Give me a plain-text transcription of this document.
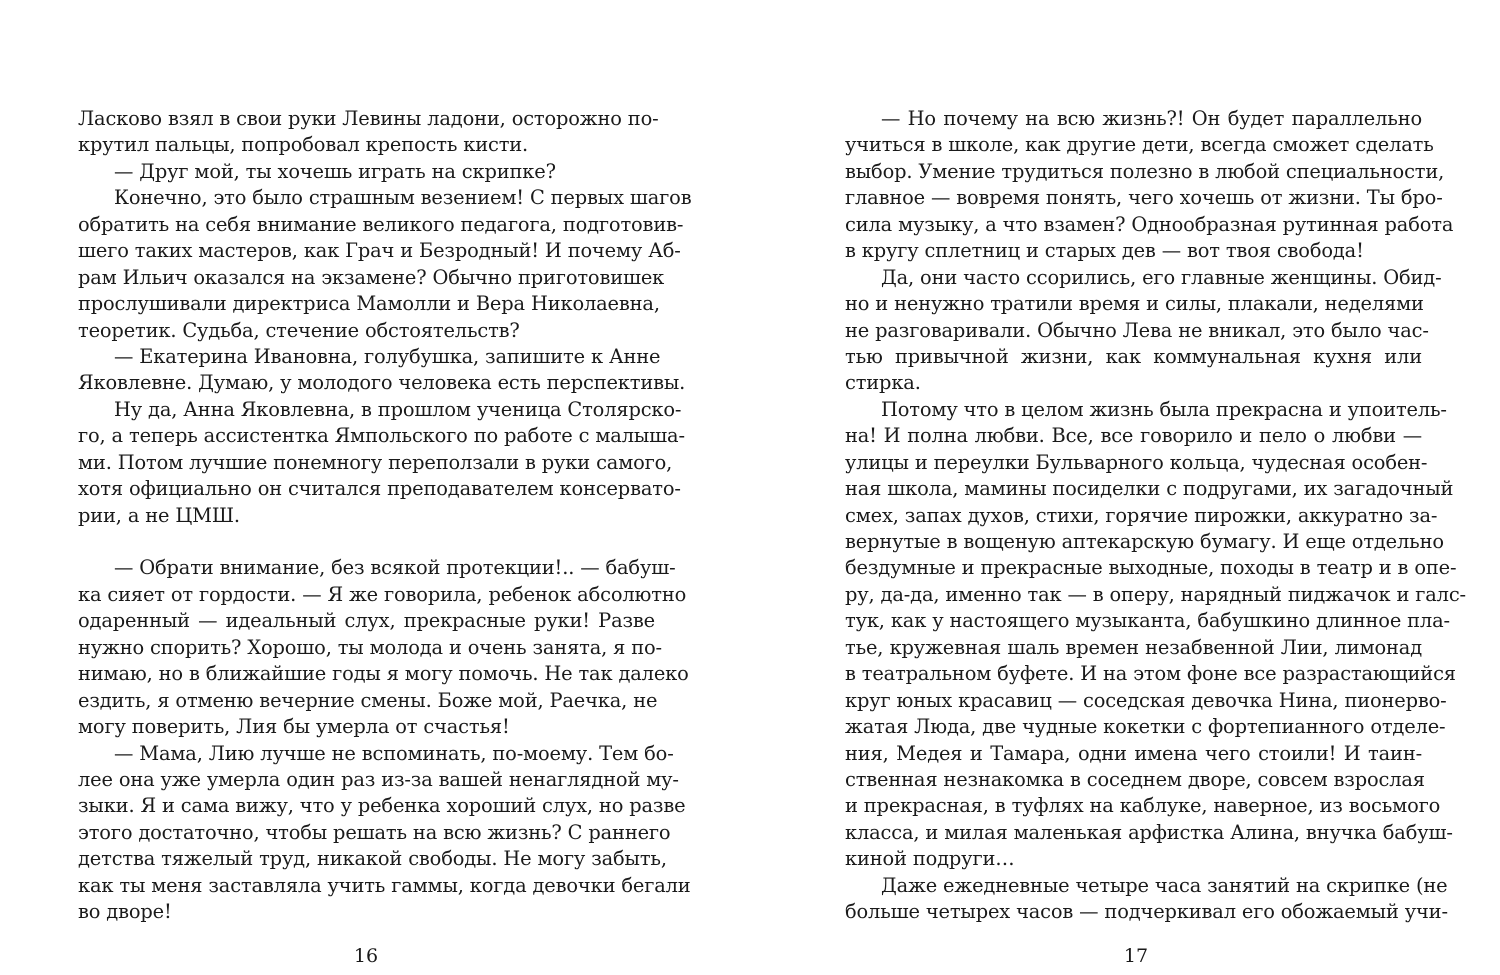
Ласково взял в свои руки Левины ладони, осторожно по-
крутил пальцы, попробовал крепость кисти.
— Друг мой, ты хочешь играть на скрипке?
Конечно, это было страшным везением! С первых шагов
обратить на себя внимание великого педагога, подготовив-
шего таких мастеров, как Грач и Безродный! И почему Аб-
рам Ильич оказался на экзамене? Обычно приготовишек
прослушивали директриса Мамолли и Вера Николаевна,
теоретик. Судьба, стечение обстоятельств?
— Екатерина Ивановна, голубушка, запишите к Анне
Яковлевне. Думаю, у молодого человека есть перспективы.
Ну да, Анна Яковлевна, в прошлом ученица Столярско-
го, а теперь ассистентка Ямпольского по работе с малыша-
ми. Потом лучшие понемногу переползали в руки самого,
хотя официально он считался преподавателем консервато-
рии, а не ЦМШ.
— Обрати внимание, без всякой протекции!.. — бабуш-
ка сияет от гордости. — Я же говорила, ребенок абсолютно
одаренный — идеальный слух, прекрасные руки! Разве
нужно спорить? Хорошо, ты молода и очень занята, я по-
нимаю, но в ближайшие годы я могу помочь. Не так далеко
ездить, я отменю вечерние смены. Боже мой, Раечка, не
могу поверить, Лия бы умерла от счастья!
— Мама, Лию лучше не вспоминать, по-моему. Тем бо-
лее она уже умерла один раз из-за вашей ненаглядной му-
зыки. Я и сама вижу, что у ребенка хороший слух, но разве
этого достаточно, чтобы решать на всю жизнь? С раннего
детства тяжелый труд, никакой свободы. Не могу забыть,
как ты меня заставляла учить гаммы, когда девочки бегали
во дворе!
— Но почему на всю жизнь?! Он будет параллельно
учиться в школе, как другие дети, всегда сможет сделать
выбор. Умение трудиться полезно в любой специальности,
главное — вовремя понять, чего хочешь от жизни. Ты бро-
сила музыку, а что взамен? Однообразная рутинная работа
в кругу сплетниц и старых дев — вот твоя свобода!
Да, они часто ссорились, его главные женщины. Обид-
но и ненужно тратили время и силы, плакали, неделями
не разговаривали. Обычно Лева не вникал, это было час-
тью привычной жизни, как коммунальная кухня или
стирка.
Потому что в целом жизнь была прекрасна и упоитель-
на! И полна любви. Все, все говорило и пело о любви —
улицы и переулки Бульварного кольца, чудесная особен-
ная школа, мамины посиделки с подругами, их загадочный
смех, запах духов, стихи, горячие пирожки, аккуратно за-
вернутые в вощеную аптекарскую бумагу. И еще отдельно
бездумные и прекрасные выходные, походы в театр и в опе-
ру, да-да, именно так — в оперу, нарядный пиджачок и галс-
тук, как у настоящего музыканта, бабушкино длинное пла-
тье, кружевная шаль времен незабвенной Лии, лимонад
в театральном буфете. И на этом фоне все разрастающийся
круг юных красавиц — соседская девочка Нина, пионерво-
жатая Люда, две чудные кокетки с фортепианного отделе-
ния, Медея и Тамара, одни имена чего стоили! И таин-
ственная незнакомка в соседнем дворе, совсем взрослая
и прекрасная, в туфлях на каблуке, наверное, из восьмого
класса, и милая маленькая арфистка Алина, внучка бабуш-
киной подруги…
Даже ежедневные четыре часа занятий на скрипке (не
больше четырех часов — подчеркивал его обожаемый учи-
16	17
